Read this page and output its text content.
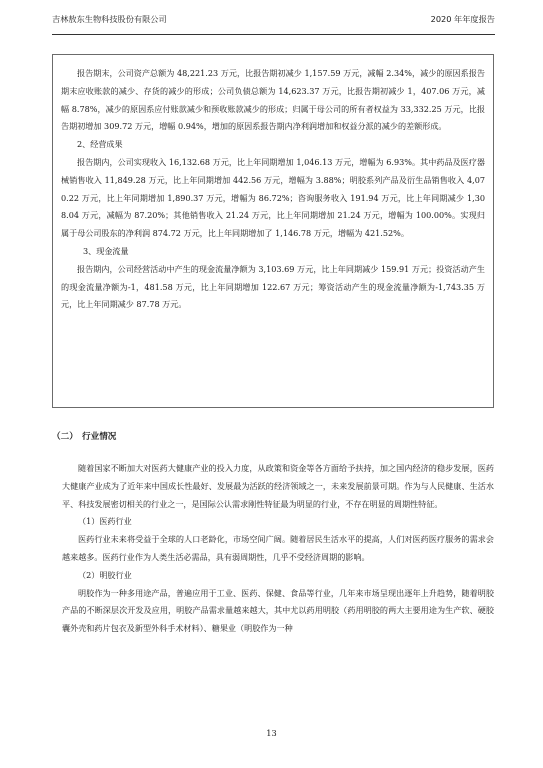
吉林敖东生物科技股份有限公司	2020 年年度报告

报告期末，公司资产总额为 48,221.23 万元，比报告期初减少 1,157.59 万元，减幅 2.34%，减少的原因系报告期末应收账款的减少、存货的减少的形成；公司负债总额为 14,623.37 万元，比报告期初减少 1，407.06 万元，减幅 8.78%，减少的原因系应付账款减少和预收账款减少的形成；归属于母公司的所有者权益为 33,332.25 万元，比报告期初增加 309.72 万元，增幅 0.94%，增加的原因系报告期内净利润增加和权益分派的减少的差额形成。

2、经营成果

报告期内，公司实现收入 16,132.68 万元，比上年同期增加 1,046.13 万元，增幅为 6.93%。其中药品及医疗器械销售收入 11,849.28 万元，比上年同期增加 442.56 万元，增幅为 3.88%；明胶系列产品及衍生品销售收入 4,070.22 万元，比上年同期增加 1,890.37 万元，增幅为 86.72%；咨询服务收入 191.94 万元，比上年同期减少 1,308.04 万元，减幅为 87.20%；其他销售收入 21.24 万元，比上年同期增加 21.24 万元，增幅为 100.00%。实现归属于母公司股东的净利润 874.72 万元，比上年同期增加了 1,146.78 万元，增幅为 421.52%。

3、现金流量

报告期内，公司经营活动中产生的现金流量净额为 3,103.69 万元，比上年同期减少 159.91 万元；投资活动产生的现金流量净额为-1，481.58 万元，比上年同期增加 122.67 万元；筹资活动产生的现金流量净额为-1,743.35 万元，比上年同期减少 87.78 万元。

（二） 行业情况

随着国家不断加大对医药大健康产业的投入力度，从政策和资金等各方面给予扶持，加之国内经济的稳步发展，医药大健康产业成为了近年来中国成长性最好、发展最为活跃的经济领域之一，未来发展前景可期。作为与人民健康、生活水平、科技发展密切相关的行业之一，是国际公认需求刚性特征最为明显的行业，不存在明显的周期性特征。

（1）医药行业

医药行业未来将受益于全球的人口老龄化，市场空间广阔。随着居民生活水平的提高，人们对医药医疗服务的需求会越来越多。医药行业作为人类生活必需品，具有弱周期性，几乎不受经济周期的影响。

（2）明胶行业

明胶作为一种多用途产品，普遍应用于工业、医药、保健、食品等行业，几年来市场呈现出逐年上升趋势，随着明胶产品的不断深层次开发及应用，明胶产品需求量越来越大，其中尤以药用明胶（药用明胶的两大主要用途为生产软、硬胶囊外壳和药片包衣及新型外科手术材料）、糖果业（明胶作为一种

13
